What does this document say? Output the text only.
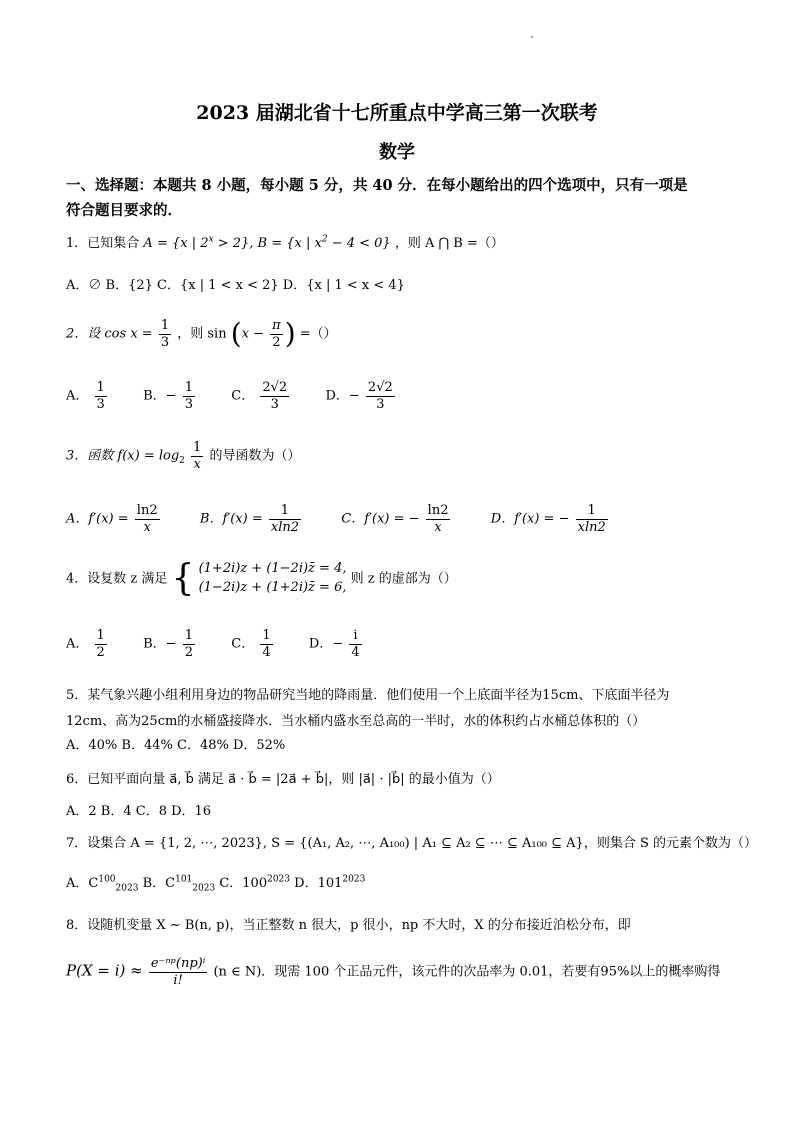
2023 届湖北省十七所重点中学高三第一次联考
数学
一、选择题：本题共 8 小题，每小题 5 分，共 40 分．在每小题给出的四个选项中，只有一项是
符合题目要求的．
1．已知集合 A = {x | $2^x > 2$}, B = {x | $x^2 - 4 < 0$} ，则 A ⋂ B =（）
A．∅ B．{2} C．{x | 1 < x < 2} D．{x | 1 < x < 4}
2．设 $\cos x = \frac{1}{3}$ ，则 $\sin (x - \frac{\pi}{2}$ ) =（）
A． $\frac{1}{3}$	B．− $\frac{1}{3}$	C． $\frac{2√2}{3}$	D．− $\frac{2√2}{3}$
3．函数 $f(x) = \log_2 \frac{1}{x}$ 的导函数为（）
A．$f'(x) = \frac{\ln 2}{x}$	B．$f'(x) = \frac{1}{xln2}$	C．f′(x) = − $\frac{\ln 2}{x}$	D．f′(x) = − $\frac{1}{xln2}$
4．设复数 z 满足 { (1+2i)z + (1−2i)z̄ = 4,
(1−2i)z + (1+2i)z̄ = 6, 则 z 的虚部为（）
A． $\frac{1}{2}$	B．− $\frac{1}{2}$	C． $\frac{1}{4}$	D．− $\frac{i}{4}$
5．某气象兴趣小组利用身边的物品研究当地的降雨量．他们使用一个上底面半径为15cm、下底面半径为
12cm、高为25cm的水桶盛接降水．当水桶内盛水至总高的一半时，水的体积约占水桶总体积的（）
A．40% B．44% C．48% D．52%
6．已知平面向量 a⃗, b⃗ 满足 a⃗ · b⃗ = |2a⃗ + b⃗|，则 |a⃗| · |b⃗| 的最小值为（）
A．2 B．4 C．8 D．16
7．设集合 A = {1, 2, ⋯, 2023}, S = {(A₁, A₂, ⋯, A₁₀₀) | A₁ ⊆ A₂ ⊆ ⋯ ⊆ A₁₀₀ ⊆ A}，则集合 S 的元素个数为（）
A．$C^{100}_{2023}$ B．$C^{101}_{2023}$ C．$100^{2023}$ D．$101^{2023}$
8．设随机变量 X ~ B(n, p)，当正整数 n 很大，p 很小，np 不大时，X 的分布接近泊松分布，即
$P(X = i) \approx \frac{\text{e⁻ⁿᵖ(np)ⁱ}}{i!} (n$ ∈ N)．现需 100 个正品元件，该元件的次品率为 0.01，若要有95%以上的概率购得
